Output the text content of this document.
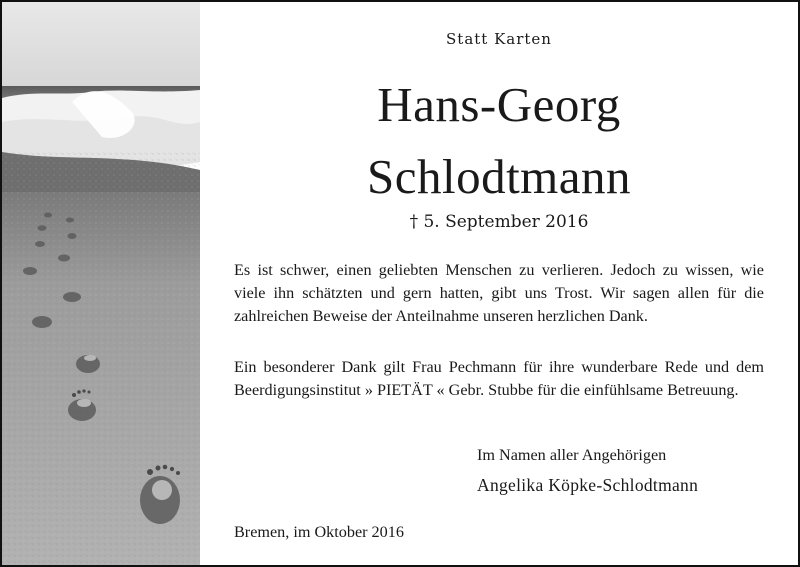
Statt Karten
Hans-Georg
Schlodtmann
† 5. September 2016

Es ist schwer, einen geliebten Menschen zu verlieren. Jedoch zu wissen, wie viele ihn schätzten und gern hatten, gibt uns Trost. Wir sagen allen für die zahlreichen Beweise der Anteilnahme unseren herzlichen Dank.

Ein besonderer Dank gilt Frau Pechmann für ihre wunderbare Rede und dem Beerdigungsinstitut » PIETÄT « Gebr. Stubbe für die einfühlsame Betreuung.

Im Namen aller Angehörigen
Angelika Köpke-Schlodtmann
Bremen, im Oktober 2016
